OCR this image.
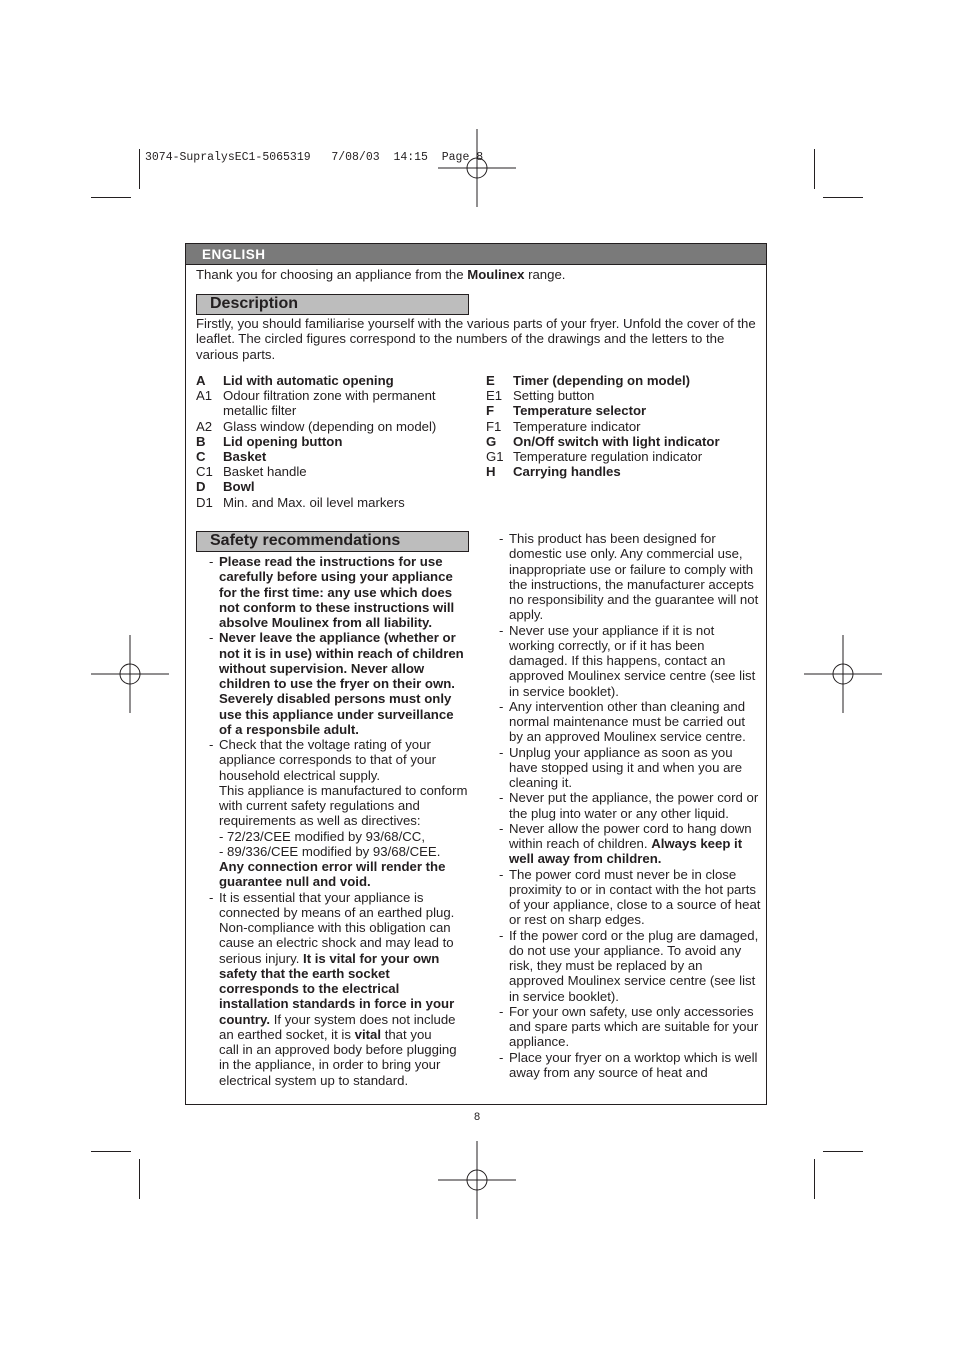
3074-SupralysEC1-5065319   7/08/03  14:15  Page 8
ENGLISH
Thank you for choosing an appliance from the Moulinex range.
Description
Firstly, you should familiarise yourself with the various parts of your fryer. Unfold the cover of the leaflet. The circled figures correspond to the numbers of the drawings and the letters to the various parts.
A	Lid with automatic opening
A1 Odour filtration zone with permanent metallic filter
A2 Glass window (depending on model)
B	Lid opening button
C	Basket
C1 Basket handle
D	Bowl
D1 Min. and Max. oil level markers
E	Timer (depending on model)
E1 Setting button
F	Temperature selector
F1 Temperature indicator
G	On/Off switch with light indicator
G1 Temperature regulation indicator
H	Carrying handles
Safety recommendations
- Please read the instructions for use carefully before using your appliance for the first time: any use which does not conform to these instructions will absolve Moulinex from all liability.
- Never leave the appliance (whether or not it is in use) within reach of children without supervision. Never allow children to use the fryer on their own. Severely disabled persons must only use this appliance under surveillance of a responsbile adult.
- Check that the voltage rating of your appliance corresponds to that of your household electrical supply.
This appliance is manufactured to conform with current safety regulations and requirements as well as directives:
- 72/23/CEE modified by 93/68/CC,
- 89/336/CEE modified by 93/68/CEE.
Any connection error will render the guarantee null and void.
- It is essential that your appliance is connected by means of an earthed plug. Non-compliance with this obligation can cause an electric shock and may lead to serious injury. It is vital for your own safety that the earth socket corresponds to the electrical installation standards in force in your country. If your system does not include an earthed socket, it is vital that you
call in an approved body before plugging in the appliance, in order to bring your electrical system up to standard.
- This product has been designed for domestic use only. Any commercial use, inappropriate use or failure to comply with the instructions, the manufacturer accepts no responsibility and the guarantee will not apply.
- Never use your appliance if it is not working correctly, or if it has been damaged. If this happens, contact an approved Moulinex service centre (see list in service booklet).
- Any intervention other than cleaning and normal maintenance must be carried out by an approved Moulinex service centre.
- Unplug your appliance as soon as you have stopped using it and when you are cleaning it.
- Never put the appliance, the power cord or the plug into water or any other liquid.
- Never allow the power cord to hang down within reach of children. Always keep it well away from children.
- The power cord must never be in close proximity to or in contact with the hot parts of your appliance, close to a source of heat or rest on sharp edges.
- If the power cord or the plug are damaged, do not use your appliance. To avoid any risk, they must be replaced by an approved Moulinex service centre (see list in service booklet).
- For your own safety, use only accessories and spare parts which are suitable for your appliance.
- Place your fryer on a worktop which is well away from any source of heat and
8
